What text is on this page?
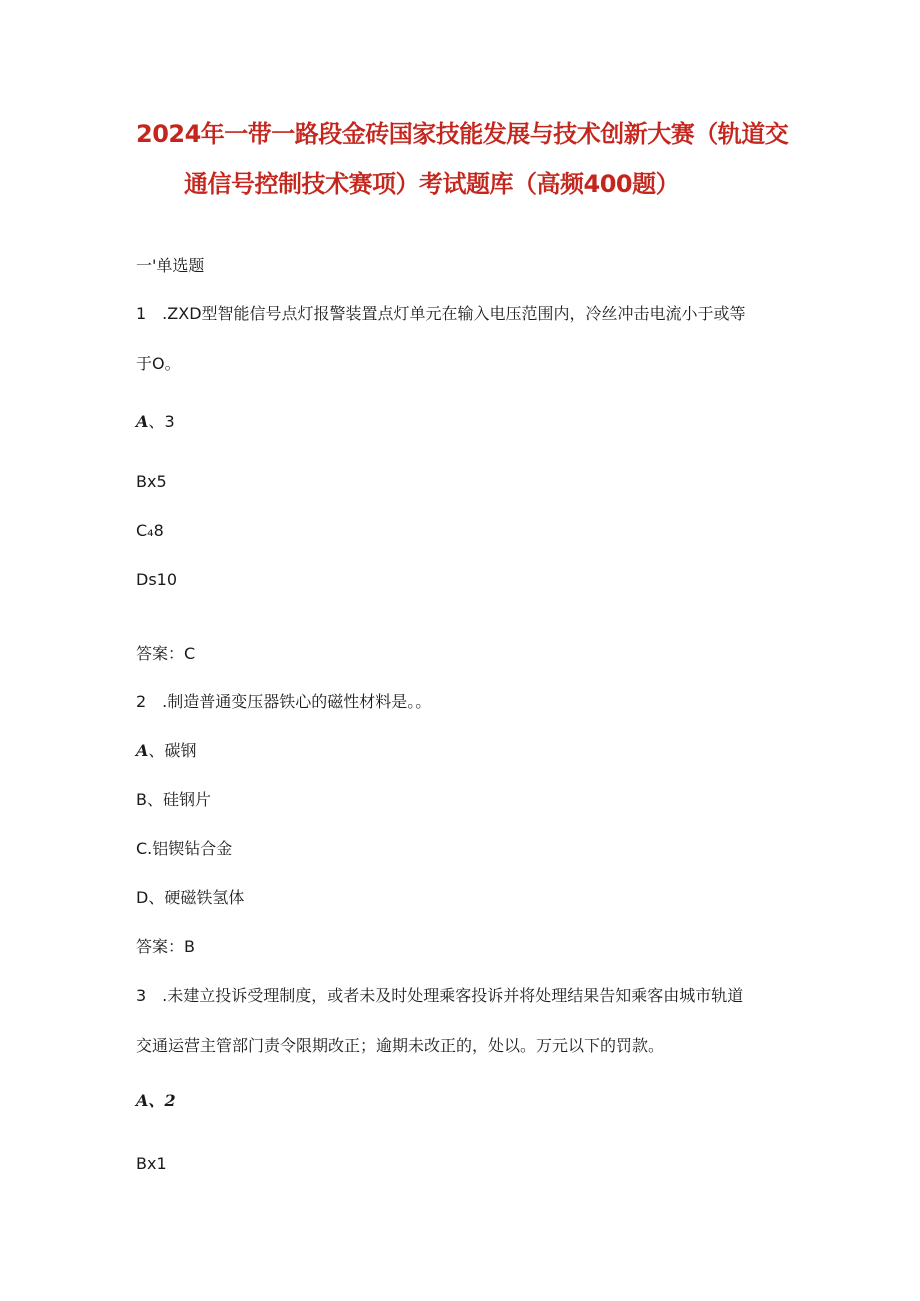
2024年一带一路段金砖国家技能发展与技术创新大赛（轨道交
通信号控制技术赛项）考试题库（高频400题）
一'单选题
1　.ZXD型智能信号点灯报警装置点灯单元在输入电压范围内，冷丝冲击电流小于或等
于O。
A、3
Bx5
C₄8
Ds10
答案：C
2　.制造普通变压器铁心的磁性材料是。。
A、碳钢
B、硅钢片
C.铝锲钻合金
D、硬磁铁氢体
答案：B
3　.未建立投诉受理制度，或者未及时处理乘客投诉并将处理结果告知乘客由城市轨道
交通运营主管部门责令限期改正；逾期未改正的，处以。万元以下的罚款。
A、2
Bx1
